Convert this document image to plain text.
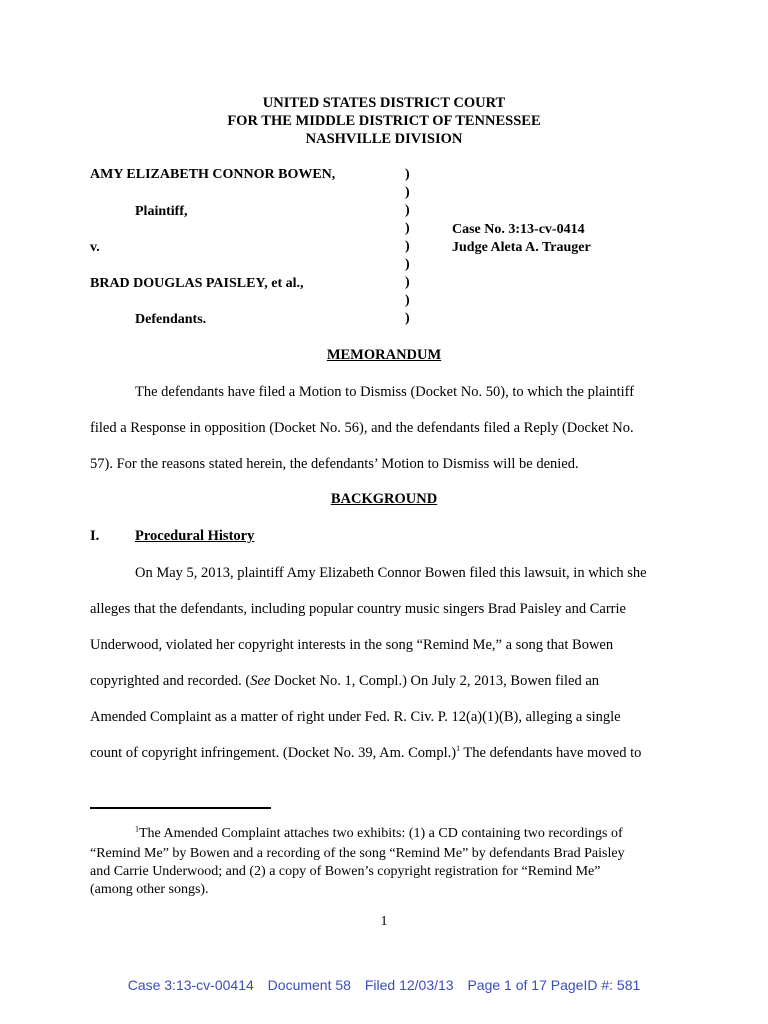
UNITED STATES DISTRICT COURT
FOR THE MIDDLE DISTRICT OF TENNESSEE
NASHVILLE DIVISION
AMY ELIZABETH CONNOR BOWEN,
Plaintiff,
v.
BRAD DOUGLAS PAISLEY, et al.,
Defendants.
Case No. 3:13-cv-0414
Judge Aleta A. Trauger
)
)
)
)
)
)
)
)
)
MEMORANDUM
The defendants have filed a Motion to Dismiss (Docket No. 50), to which the plaintiff
filed a Response in opposition (Docket No. 56), and the defendants filed a Reply (Docket No.
57). For the reasons stated herein, the defendants’ Motion to Dismiss will be denied.
BACKGROUND
I. Procedural History
On May 5, 2013, plaintiff Amy Elizabeth Connor Bowen filed this lawsuit, in which she
alleges that the defendants, including popular country music singers Brad Paisley and Carrie
Underwood, violated her copyright interests in the song “Remind Me,” a song that Bowen
copyrighted and recorded. (See Docket No. 1, Compl.) On July 2, 2013, Bowen filed an
Amended Complaint as a matter of right under Fed. R. Civ. P. 12(a)(1)(B), alleging a single
count of copyright infringement. (Docket No. 39, Am. Compl.)$^1$ The defendants have moved to
$^1$The Amended Complaint attaches two exhibits: (1) a CD containing two recordings of
“Remind Me” by Bowen and a recording of the song “Remind Me” by defendants Brad Paisley
and Carrie Underwood; and (2) a copy of Bowen’s copyright registration for “Remind Me”
(among other songs).
1
Case 3:13-cv-00414 Document 58 Filed 12/03/13 Page 1 of 17 PageID #: 581
